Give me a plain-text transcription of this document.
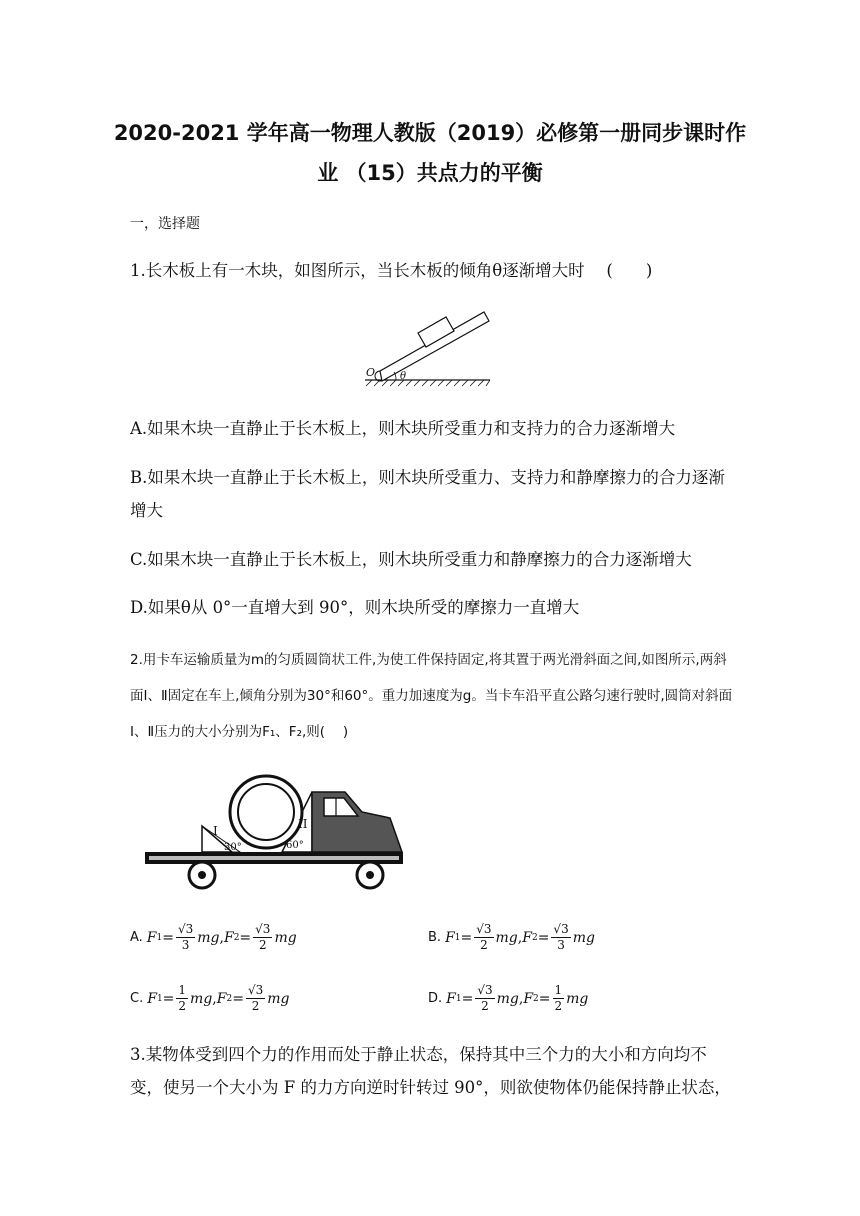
2020-2021 学年高一物理人教版（2019）必修第一册同步课时作
业 （15）共点力的平衡
一，选择题
1.长木板上有一木块，如图所示，当长木板的倾角θ逐渐增大时　 (　　)
O θ
A.如果木块一直静止于长木板上，则木块所受重力和支持力的合力逐渐增大
B.如果木块一直静止于长木板上，则木块所受重力、支持力和静摩擦力的合力逐渐增大
C.如果木块一直静止于长木板上，则木块所受重力和静摩擦力的合力逐渐增大
D.如果θ从 0°一直增大到 90°，则木块所受的摩擦力一直增大
2.用卡车运输质量为m的匀质圆筒状工件,为使工件保持固定,将其置于两光滑斜面之间,如图所示,两斜面Ⅰ、Ⅱ固定在车上,倾角分别为30°和60°。重力加速度为g。当卡车沿平直公路匀速行驶时,圆筒对斜面Ⅰ、Ⅱ压力的大小分别为F₁、F₂,则(　 )
I	II
30°	60°
A. F $1 = \frac{√3}{3}$ mg , F $2 = \frac{√3}{2}$ mg	B. F $1 = \frac{√3}{2}$ mg , F $2 = \frac{√3}{3}$ mg
C. F $1 = \frac{1}{2}$ mg , F $2 = \frac{√3}{2}$ mg	D. F $1 = \frac{√3}{2}$ mg , F $2 = \frac{1}{2}$ mg
3.某物体受到四个力的作用而处于静止状态，保持其中三个力的大小和方向均不变，使另一个大小为 F 的力方向逆时针转过 90°，则欲使物体仍能保持静止状态，
